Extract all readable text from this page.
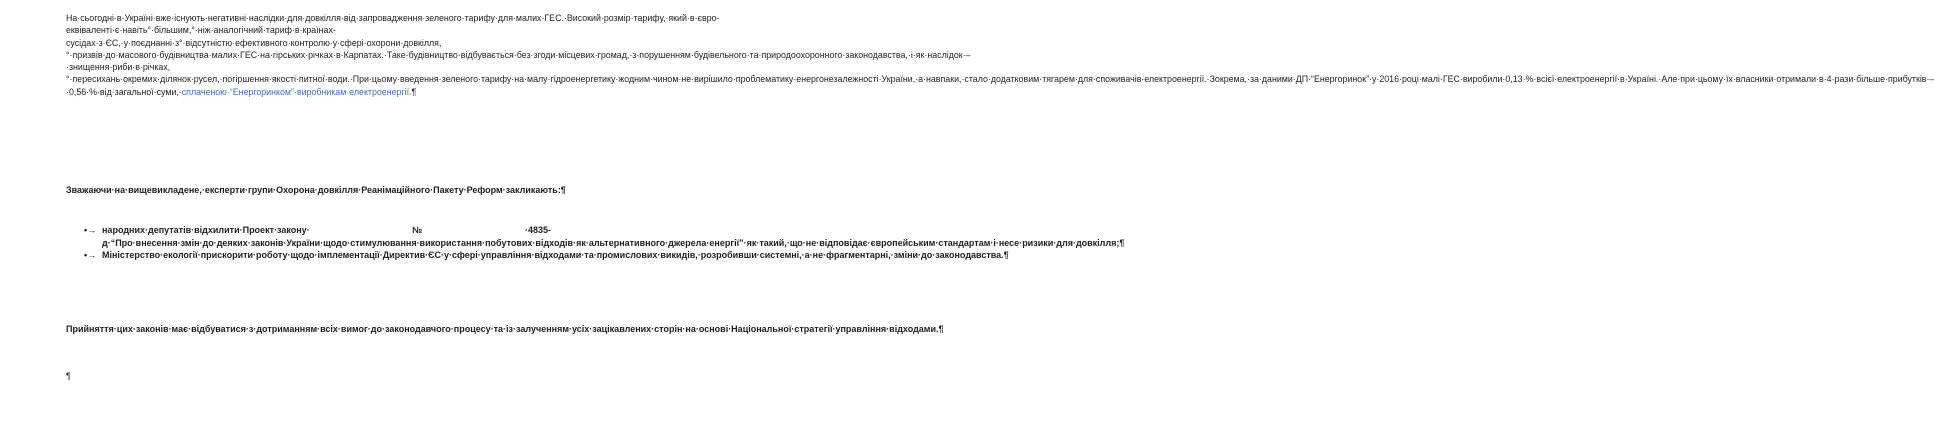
На·сьогодні·в·Україні·вже·існують·негативні·наслідки·для·довкілля·від·запровадження·зеленого·тарифу·для·малих·ГЕС.·Високий·розмір·тарифу,·який·в·євро-еквіваленті·є·навіть°·більшим,°·ніж·аналогічний·тариф·в·країнах-сусідах·з·ЄС,·у·поєднанні·з°·відсутністю·ефективного·контролю·у·сфері·охорони·довкілля,°·призвів·до·масового·будівництва·малих·ГЕС·на·гірських·річках·в·Карпатах.·Таке·будівництво·відбувається·без·згоди·місцевих·громад,·з·порушенням·будівельного·та·природоохоронного·законодавства,·і·як·наслідок·–·знищення·риби·в·річках,°·пересихань·окремих·ділянок·русел,·погіршення·якості·питної·води.·При·цьому·введення·зеленого·тарифу·на·малу·гідроенергетику·жодним·чином·не·вирішило·проблематику·енергонезалежності·України,·а·навпаки,·стало·додатковим·тягарем·для·споживачів·електроенергії.·Зокрема,·за·даними·ДП·“Енергоринок”·у·2016·році·малі·ГЕС·виробили·0,13·%·всієї·електроенергії·в·Україні.·Але·при·цьому·їх·власники·отримали·в·4·рази·більше·прибутків·–·0,56·%·від·загальної·суми,·сплаченою·“Енергоринком”·виробникам·електроенергії.¶

Зважаючи·на·вищевикладене,·експерти·групи·Охорона·довкілля·Реанімаційного·Пакету·Реформ·закликають:¶

•→ народних·депутатів·відхилити·Проект·закону·№·4835-д·“Про·внесення·змін·до·деяких·законів·України·щодо·стимулювання·використання·побутових·відходів·як·альтернативного·джерела·енергії”·як·такий,·що·не·відповідає·європейським·стандартам·і·несе·ризики·для·довкілля;¶
•→ Міністерство·екології·прискорити·роботу·щодо·імплементації·Директив·ЄС·у·сфері·управління·відходами·та·промислових·викидів,·розробивши·системні,·а·не·фрагментарні,·зміни·до·законодавства.¶

Прийняття·цих·законів·має·відбуватися·з·дотриманням·всіх·вимог·до·законодавчого·процесу·та·із·залученням·усіх·зацікавлених·сторін·на·основі·Національної·стратегії·управління·відходами.¶

¶
